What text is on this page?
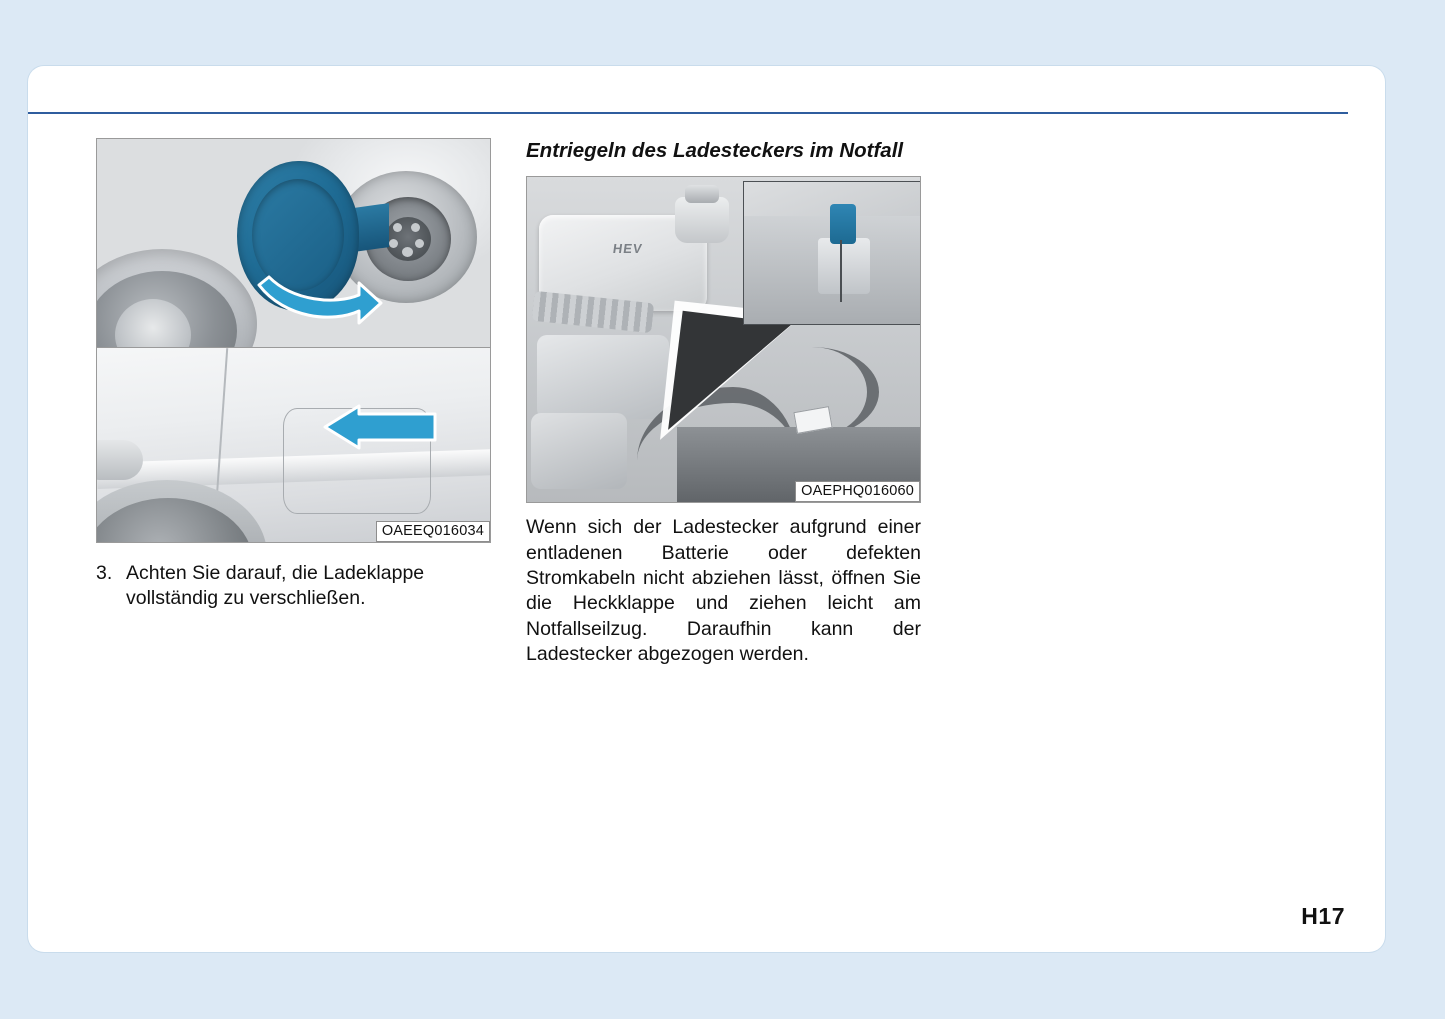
OAEEQ016034
3. Achten Sie darauf, die Ladeklappe vollständig zu verschließen.
Entriegeln des Ladesteckers im Notfall
HEV
OAEPHQ016060

Wenn sich der Ladestecker aufgrund einer entladenen Batterie oder defekten Stromkabeln nicht abziehen lässt, öffnen Sie die Heckklappe und ziehen leicht am Notfallseilzug. Daraufhin kann der Ladestecker abgezogen werden.

H17
